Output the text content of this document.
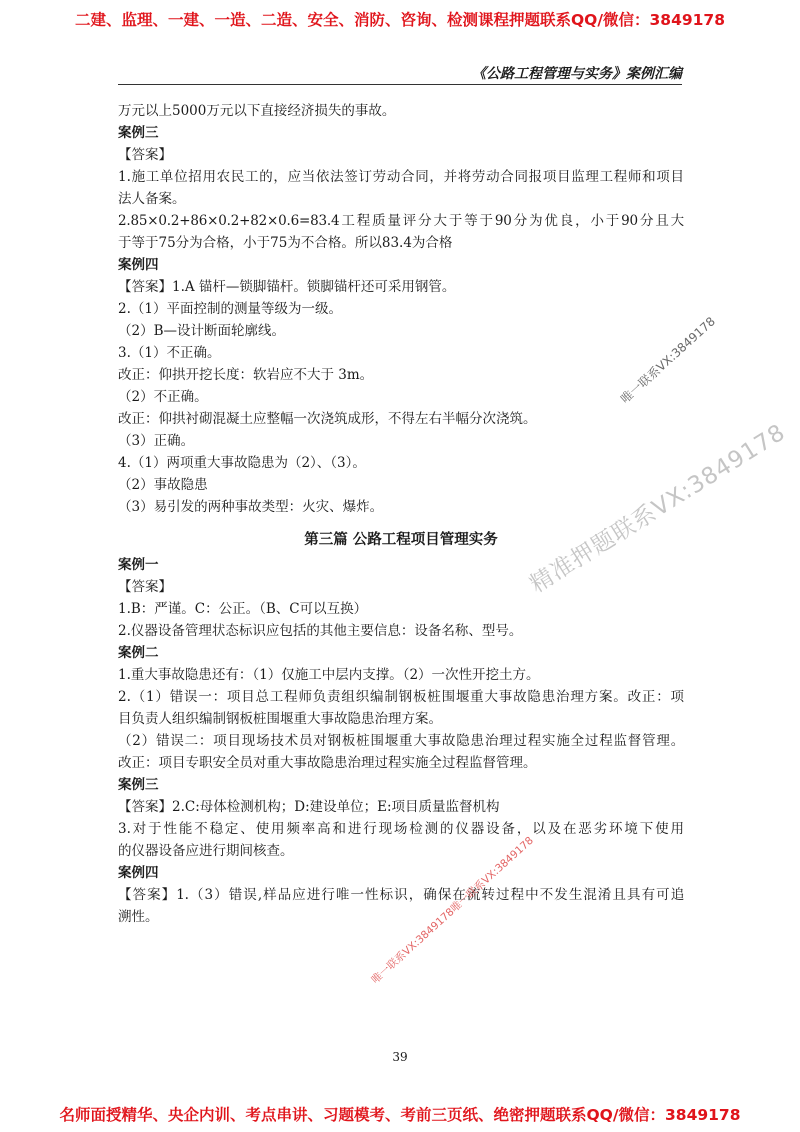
二建、监理、一建、一造、二造、安全、消防、咨询、检测课程押题联系QQ/微信：3849178
《公路工程管理与实务》案例汇编
万元以上5000万元以下直接经济损失的事故。
案例三
【答案】
1.施工单位招用农民工的，应当依法签订劳动合同，并将劳动合同报项目监理工程师和项目
法人备案。
2.85×0.2+86×0.2+82×0.6=83.4工程质量评分大于等于90分为优良，小于90分且大
于等于75分为合格，小于75为不合格。所以83.4为合格
案例四
【答案】1.A 锚杆—锁脚锚杆。锁脚锚杆还可采用钢管。
2.（1）平面控制的测量等级为一级。
（2）B—设计断面轮廓线。
3.（1）不正确。
改正：仰拱开挖长度：软岩应不大于 3m。
（2）不正确。
改正：仰拱衬砌混凝土应整幅一次浇筑成形，不得左右半幅分次浇筑。
（3）正确。
4.（1）两项重大事故隐患为（2）、（3）。
（2）事故隐患
（3）易引发的两种事故类型：火灾、爆炸。
第三篇 公路工程项目管理实务
案例一
【答案】
1.B：严谨。C：公正。（B、C可以互换）
2.仪器设备管理状态标识应包括的其他主要信息：设备名称、型号。
案例二
1.重大事故隐患还有：（1）仅施工中层内支撑。（2）一次性开挖土方。
2.（1）错误一：项目总工程师负责组织编制钢板桩围堰重大事故隐患治理方案。改正：项
目负责人组织编制钢板桩围堰重大事故隐患治理方案。
（2）错误二：项目现场技术员对钢板桩围堰重大事故隐患治理过程实施全过程监督管理。
改正：项目专职安全员对重大事故隐患治理过程实施全过程监督管理。
案例三
【答案】2.C:母体检测机构；D:建设单位；E:项目质量监督机构
3.对于性能不稳定、使用频率高和进行现场检测的仪器设备，以及在恶劣环境下使用
的仪器设备应进行期间核查。
案例四
【答案】1.（3）错误,样品应进行唯一性标识，确保在流转过程中不发生混淆且具有可追
溯性。
39
唯一联系VX:3849178
精准押题联系VX:3849178
唯一联系VX:3849178唯一联系VX:3849178
名师面授精华、央企内训、考点串讲、习题模考、考前三页纸、绝密押题联系QQ/微信：3849178
